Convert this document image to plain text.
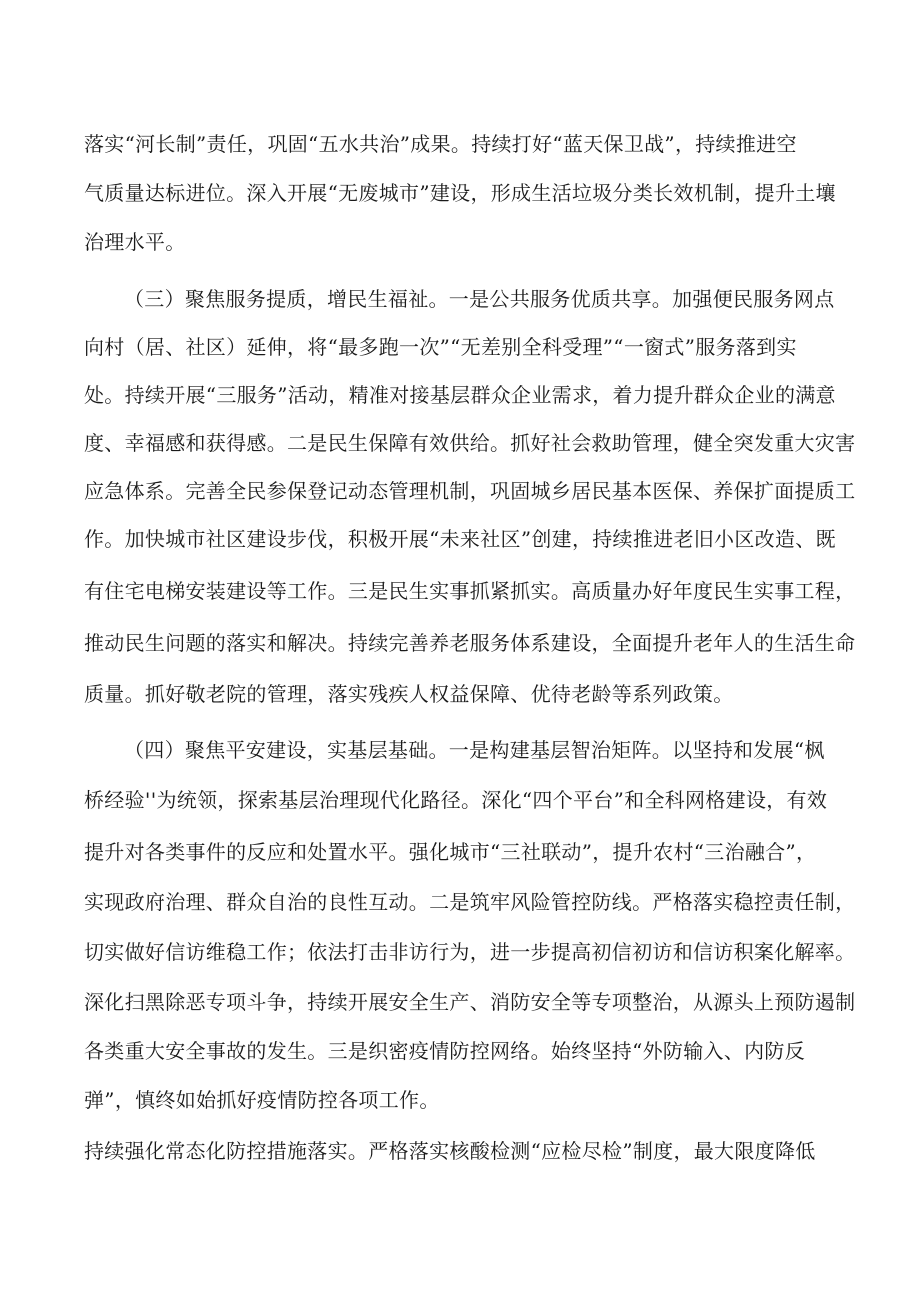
落实“河长制”责任，巩固“五水共治”成果。持续打好“蓝天保卫战”，持续推进空
气质量达标进位。深入开展“无废城市”建设，形成生活垃圾分类长效机制，提升土壤
治理水平。
（三）聚焦服务提质，增民生福祉。一是公共服务优质共享。加强便民服务网点
向村（居、社区）延伸，将“最多跑一次”“无差别全科受理”“一窗式”服务落到实
处。持续开展“三服务”活动，精准对接基层群众企业需求，着力提升群众企业的满意
度、幸福感和获得感。二是民生保障有效供给。抓好社会救助管理，健全突发重大灾害
应急体系。完善全民参保登记动态管理机制，巩固城乡居民基本医保、养保扩面提质工
作。加快城市社区建设步伐，积极开展“未来社区”创建，持续推进老旧小区改造、既
有住宅电梯安装建设等工作。三是民生实事抓紧抓实。高质量办好年度民生实事工程，
推动民生问题的落实和解决。持续完善养老服务体系建设，全面提升老年人的生活生命
质量。抓好敬老院的管理，落实残疾人权益保障、优待老龄等系列政策。
（四）聚焦平安建设，实基层基础。一是构建基层智治矩阵。以坚持和发展“枫
桥经验''为统领，探索基层治理现代化路径。深化“四个平台”和全科网格建设，有效
提升对各类事件的反应和处置水平。强化城市“三社联动”，提升农村“三治融合”，
实现政府治理、群众自治的良性互动。二是筑牢风险管控防线。严格落实稳控责任制，
切实做好信访维稳工作；依法打击非访行为，进一步提高初信初访和信访积案化解率。
深化扫黑除恶专项斗争，持续开展安全生产、消防安全等专项整治，从源头上预防遏制
各类重大安全事故的发生。三是织密疫情防控网络。始终坚持“外防输入、内防反
弹”，慎终如始抓好疫情防控各项工作。
持续强化常态化防控措施落实。严格落实核酸检测“应检尽检”制度，最大限度降低
